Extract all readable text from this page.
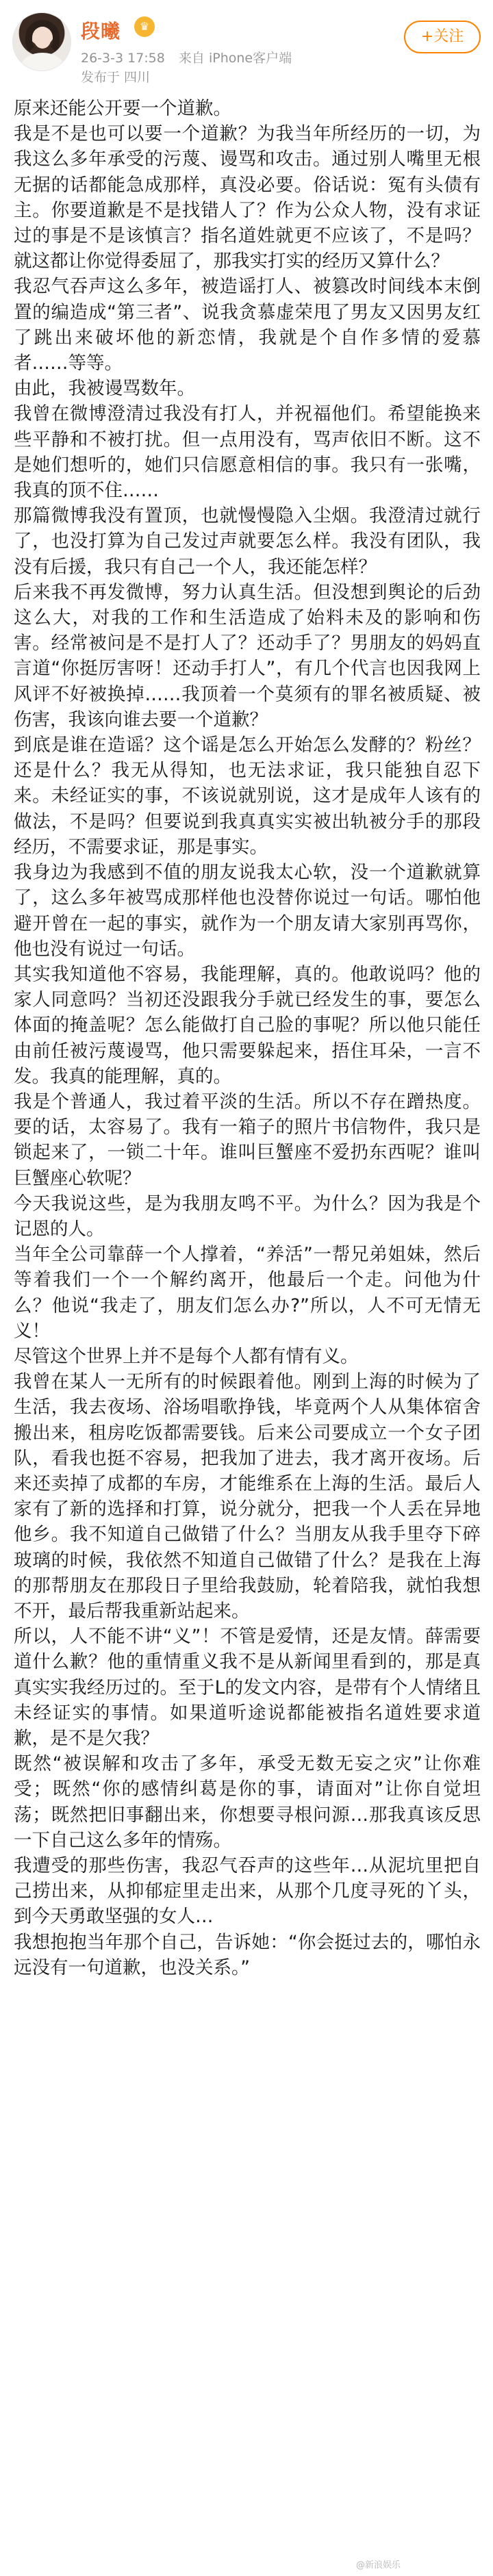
段曦	♛
26-3-3 17:58 来自 iPhone客户端
发布于 四川
+关注

原来还能公开要一个道歉。

我是不是也可以要一个道歉？为我当年所经历的一切，为我这么多年承受的污蔑、谩骂和攻击。通过别人嘴里无根无据的话都能急成那样，真没必要。俗话说：冤有头债有主。你要道歉是不是找错人了？作为公众人物，没有求证过的事是不是该慎言？指名道姓就更不应该了，不是吗？就这都让你觉得委屈了，那我实打实的经历又算什么？

我忍气吞声这么多年，被造谣打人、被篡改时间线本末倒置的编造成“第三者”、说我贪慕虚荣甩了男友又因男友红了跳出来破坏他的新恋情，我就是个自作多情的爱慕者……等等。

由此，我被谩骂数年。

我曾在微博澄清过我没有打人，并祝福他们。希望能换来些平静和不被打扰。但一点用没有，骂声依旧不断。这不是她们想听的，她们只信愿意相信的事。我只有一张嘴，我真的顶不住……

那篇微博我没有置顶，也就慢慢隐入尘烟。我澄清过就行了，也没打算为自己发过声就要怎么样。我没有团队，我没有后援，我只有自己一个人，我还能怎样？

后来我不再发微博，努力认真生活。但没想到舆论的后劲这么大，对我的工作和生活造成了始料未及的影响和伤害。经常被问是不是打人了？还动手了？男朋友的妈妈直言道“你挺厉害呀！还动手打人”，有几个代言也因我网上风评不好被换掉……我顶着一个莫须有的罪名被质疑、被伤害，我该向谁去要一个道歉？

到底是谁在造谣？这个谣是怎么开始怎么发酵的？粉丝？还是什么？我无从得知，也无法求证，我只能独自忍下来。未经证实的事，不该说就别说，这才是成年人该有的做法，不是吗？但要说到我真真实实被出轨被分手的那段经历，不需要求证，那是事实。

我身边为我感到不值的朋友说我太心软，没一个道歉就算了，这么多年被骂成那样他也没替你说过一句话。哪怕他避开曾在一起的事实，就作为一个朋友请大家别再骂你，他也没有说过一句话。

其实我知道他不容易，我能理解，真的。他敢说吗？他的家人同意吗？当初还没跟我分手就已经发生的事，要怎么体面的掩盖呢？怎么能做打自己脸的事呢？所以他只能任由前任被污蔑谩骂，他只需要躲起来，捂住耳朵，一言不发。我真的能理解，真的。

我是个普通人，我过着平淡的生活。所以不存在蹭热度。要的话，太容易了。我有一箱子的照片书信物件，我只是锁起来了，一锁二十年。谁叫巨蟹座不爱扔东西呢？谁叫巨蟹座心软呢？

今天我说这些，是为我朋友鸣不平。为什么？因为我是个记恩的人。

当年全公司靠薛一个人撑着，“养活”一帮兄弟姐妹，然后等着我们一个一个解约离开，他最后一个走。问他为什么？他说“我走了，朋友们怎么办?”所以，人不可无情无义！

尽管这个世界上并不是每个人都有情有义。

我曾在某人一无所有的时候跟着他。刚到上海的时候为了生活，我去夜场、浴场唱歌挣钱，毕竟两个人从集体宿舍搬出来，租房吃饭都需要钱。后来公司要成立一个女子团队，看我也挺不容易，把我加了进去，我才离开夜场。后来还卖掉了成都的车房，才能维系在上海的生活。最后人家有了新的选择和打算，说分就分，把我一个人丢在异地他乡。我不知道自己做错了什么？当朋友从我手里夺下碎玻璃的时候，我依然不知道自己做错了什么？是我在上海的那帮朋友在那段日子里给我鼓励，轮着陪我，就怕我想不开，最后帮我重新站起来。

所以，人不能不讲“义”！不管是爱情，还是友情。薛需要道什么歉？他的重情重义我不是从新闻里看到的，那是真真实实我经历过的。至于L的发文内容，是带有个人情绪且未经证实的事情。如果道听途说都能被指名道姓要求道歉，是不是欠我？

既然“被误解和攻击了多年，承受无数无妄之灾”让你难受；既然“你的感情纠葛是你的事，请面对”让你自觉坦荡；既然把旧事翻出来，你想要寻根问源…那我真该反思一下自己这么多年的情殇。

我遭受的那些伤害，我忍气吞声的这些年…从泥坑里把自己捞出来，从抑郁症里走出来，从那个几度寻死的丫头，到今天勇敢坚强的女人…

我想抱抱当年那个自己，告诉她：“你会挺过去的，哪怕永远没有一句道歉，也没关系。”

@新浪娱乐
